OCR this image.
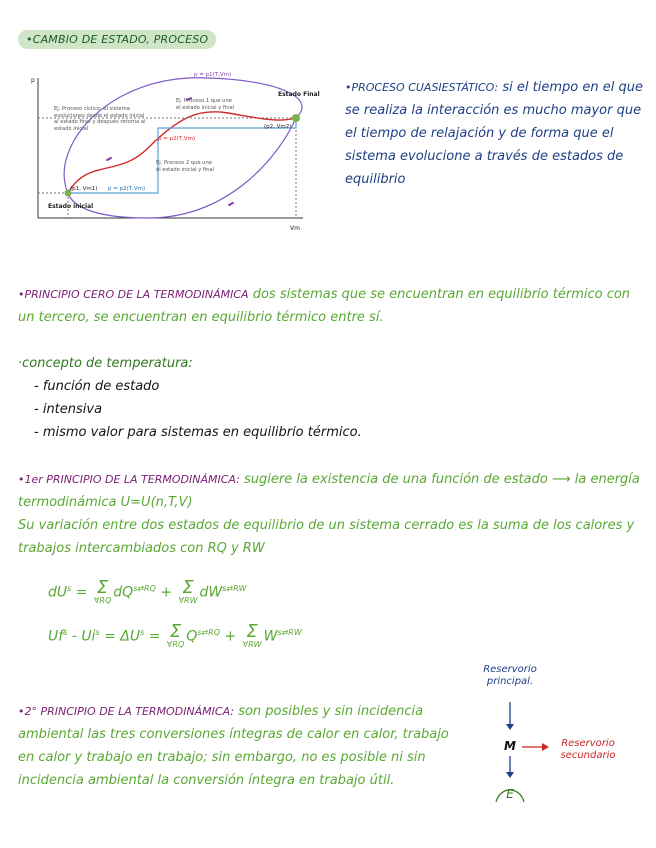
•CAMBIO DE ESTADO, PROCESO
p
Vm
p = p1(T,Vm)
p = p2(T,Vm)
p = p2(T,Vm)
(p1, Vm1)
(p2, Vm2)
Estado inicial
Estado Final
Ej. Proceso cíclico: el sistema evoluciones desde el estado inicial al estado final y después retorna al estado inicial
Ej. Proceso 1 que une el estado inicial y final
Ej. Proceso 2 que une el estado inicial y final
•PROCESO CUASIESTÁTICO: si el tiempo en el que se realiza la interacción es mucho mayor que el tiempo de relajación y de forma que el sistema evolucione a través de estados de equilibrio
•PRINCIPIO CERO DE LA TERMODINÁMICA dos sistemas que se encuentran en equilibrio térmico con un tercero, se encuentran en equilibrio térmico entre sí.
·concepto de temperatura:
- función de estado
- intensiva
- mismo valor para sistemas en equilibrio térmico.
•1er PRINCIPIO DE LA TERMODINÁMICA: sugiere la existencia de una función de estado ⟶ la energía termodinámica U=U(n,T,V)
Su variación entre dos estados de equilibrio de un sistema cerrado es la suma de los calores y trabajos intercambiados con RQ y RW
$dU^s = \Sigma$
∀RQ $dQ^{s⇄RQ} + \Sigma$
∀RW $dW^{s⇄RW}$
$Uf^s - Ui^s = \Delta U^s = \Sigma$
∀RQ $Q^{s⇄RQ} + \Sigma$
∀RW $W^{s⇄RW}$
•2° PRINCIPIO DE LA TERMODINÁMICA: son posibles y sin incidencia ambiental las tres conversiones íntegras de calor en calor, trabajo en calor y trabajo en trabajo; sin embargo, no es posible ni sin incidencia ambiental la conversión íntegra en trabajo útil.
Reservorio principal.
M	Reservorio secundario
E
